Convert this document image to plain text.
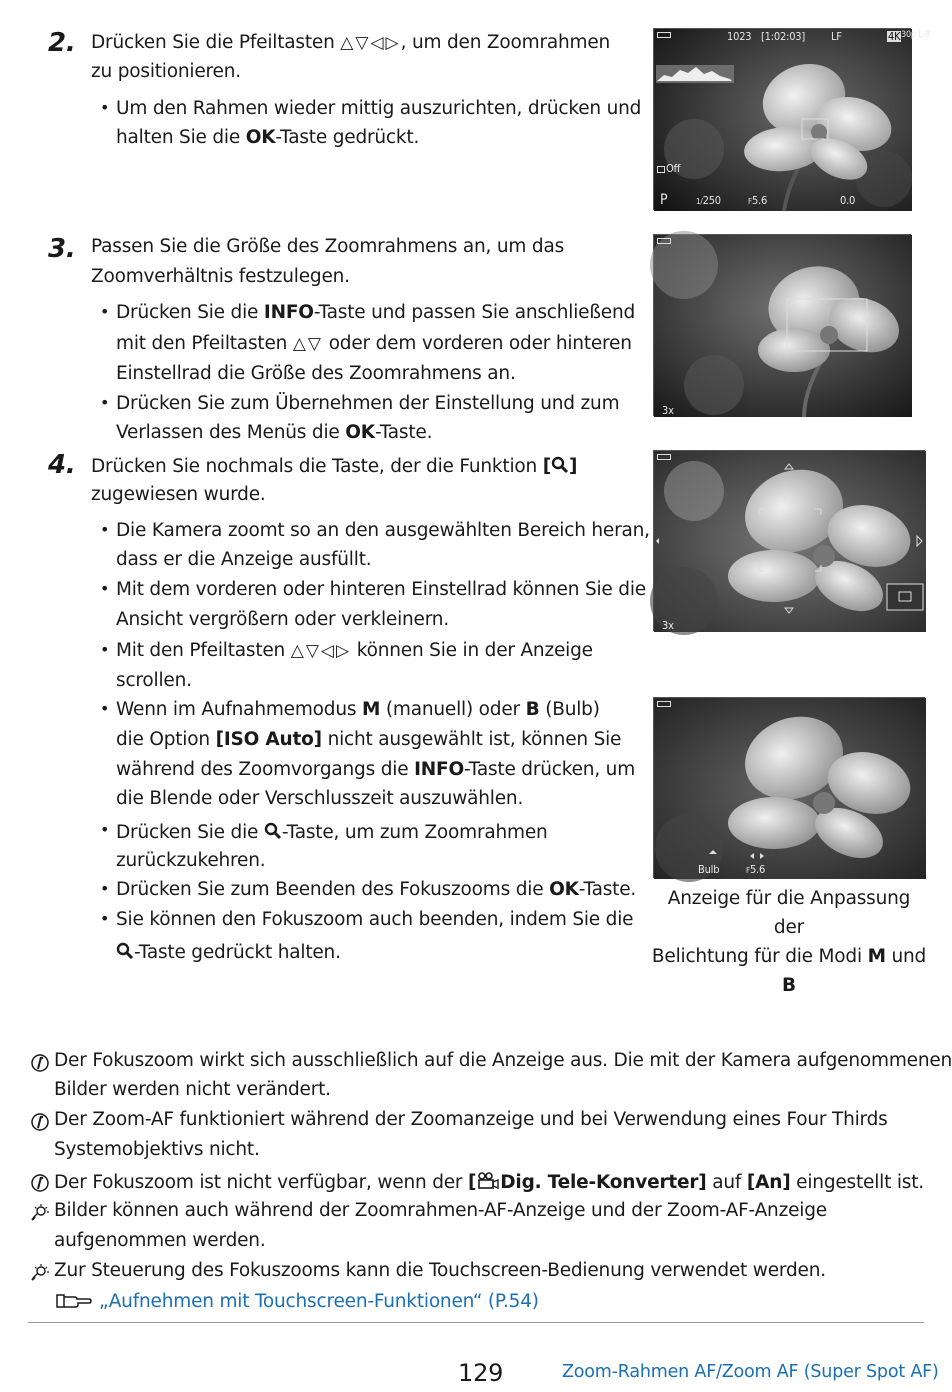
2. Drücken Sie die Pfeiltasten △▽◁▷, um den Zoomrahmen
zu positionieren.
• Um den Rahmen wieder mittig auszurichten, drücken und
halten Sie die OK-Taste gedrückt.
3. Passen Sie die Größe des Zoomrahmens an, um das
Zoomverhältnis festzulegen.
• Drücken Sie die INFO-Taste und passen Sie anschließend
mit den Pfeiltasten △▽ oder dem vorderen oder hinteren
Einstellrad die Größe des Zoomrahmens an.
• Drücken Sie zum Übernehmen der Einstellung und zum
Verlassen des Menüs die OK-Taste.
4. Drücken Sie nochmals die Taste, der die Funktion [ ]
zugewiesen wurde.
• Die Kamera zoomt so an den ausgewählten Bereich heran,
dass er die Anzeige ausfüllt.
• Mit dem vorderen oder hinteren Einstellrad können Sie die
Ansicht vergrößern oder verkleinern.
• Mit den Pfeiltasten △▽◁▷ können Sie in der Anzeige
scrollen.
• Wenn im Aufnahmemodus M (manuell) oder B (Bulb)
die Option [ISO Auto] nicht ausgewählt ist, können Sie
während des Zoomvorgangs die INFO-Taste drücken, um
die Blende oder Verschlusszeit auszuwählen.
• Drücken Sie die -Taste, um zum Zoomrahmen
zurückzukehren.
• Drücken Sie zum Beenden des Fokuszooms die OK-Taste.
• Sie können den Fokuszoom auch beenden, indem Sie die
-Taste gedrückt halten.
1023 [1:02:03] LF	4K 30p L-8
Off
P	1/250	F5.6	0.0
3x
3x
Bulb	F5.6
Anzeige für die Anpassung der
Belichtung für die Modi M und
B
Der Fokuszoom wirkt sich ausschließlich auf die Anzeige aus. Die mit der Kamera aufgenommenen
Bilder werden nicht verändert.
Der Zoom-AF funktioniert während der Zoomanzeige und bei Verwendung eines Four Thirds
Systemobjektivs nicht.
Der Fokuszoom ist nicht verfügbar, wenn der [ Dig. Tele-Konverter] auf [An] eingestellt ist.
Bilder können auch während der Zoomrahmen-AF-Anzeige und der Zoom-AF-Anzeige
aufgenommen werden.
Zur Steuerung des Fokuszooms kann die Touchscreen-Bedienung verwendet werden.
„Aufnehmen mit Touchscreen-Funktionen“ (P.54)
129	Zoom-Rahmen AF/Zoom AF (Super Spot AF)
